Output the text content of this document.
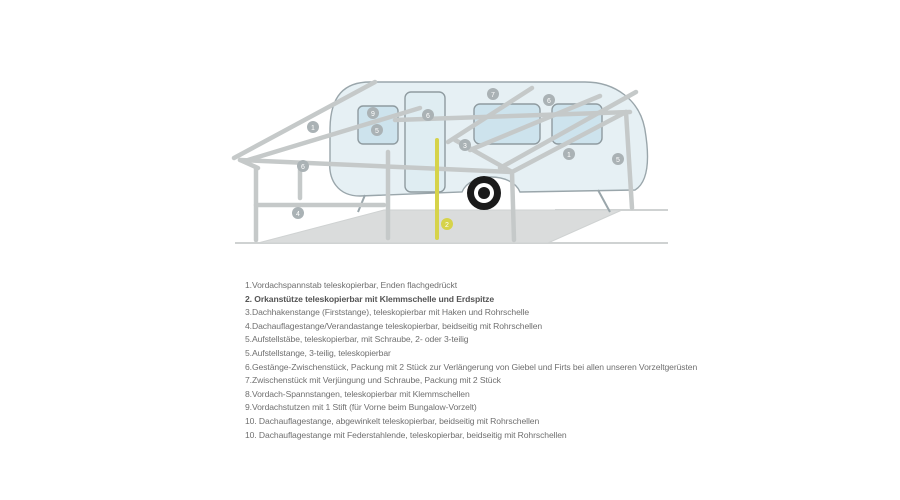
9	6
7
6
5
1
3
6
1
5
4
2
1.Vordachspannstab teleskopierbar, Enden flachgedrückt
2. Orkanstütze teleskopierbar mit Klemmschelle und Erdspitze
3.Dachhakenstange (Firststange), teleskopierbar mit Haken und Rohrschelle
4.Dachauflagestange/Verandastange teleskopierbar, beidseitig mit Rohrschellen
5.Aufstellstäbe, teleskopierbar, mit Schraube, 2- oder 3-teilig
5.Aufstellstange, 3-teilig, teleskopierbar
6.Gestänge-Zwischenstück, Packung mit 2 Stück zur Verlängerung von Giebel und Firts bei allen unseren Vorzeltgerüsten
7.Zwischenstück mit Verjüngung und Schraube, Packung mit 2 Stück
8.Vordach-Spannstangen, teleskopierbar mit Klemmschellen
9.Vordachstutzen mit 1 Stift (für Vorne beim Bungalow-Vorzelt)
10. Dachauflagestange, abgewinkelt teleskopierbar, beidseitig mit Rohrschellen
10. Dachauflagestange mit Federstahlende, teleskopierbar, beidseitig mit Rohrschellen
